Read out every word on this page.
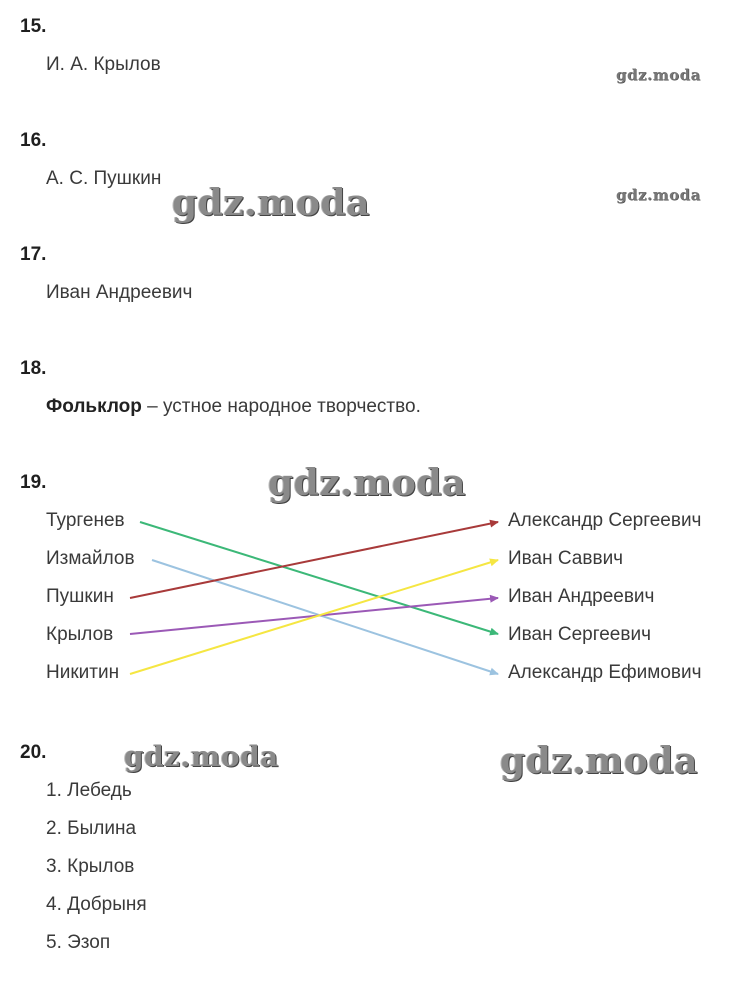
gdz.moda
gdz.moda
gdz.moda
gdz.moda
gdz.moda	gdz.moda
15.
И. А. Крылов
16.
А. С. Пушкин
17.
Иван Андреевич
18.
Фольклор – устное народное творчество.
19.
Тургенев
Измайлов
Пушкин
Крылов
Никитин
Александр Сергеевич
Иван Саввич
Иван Андреевич
Иван Сергеевич
Александр Ефимович
20.
1. Лебедь
2. Былина
3. Крылов
4. Добрыня
5. Эзоп
